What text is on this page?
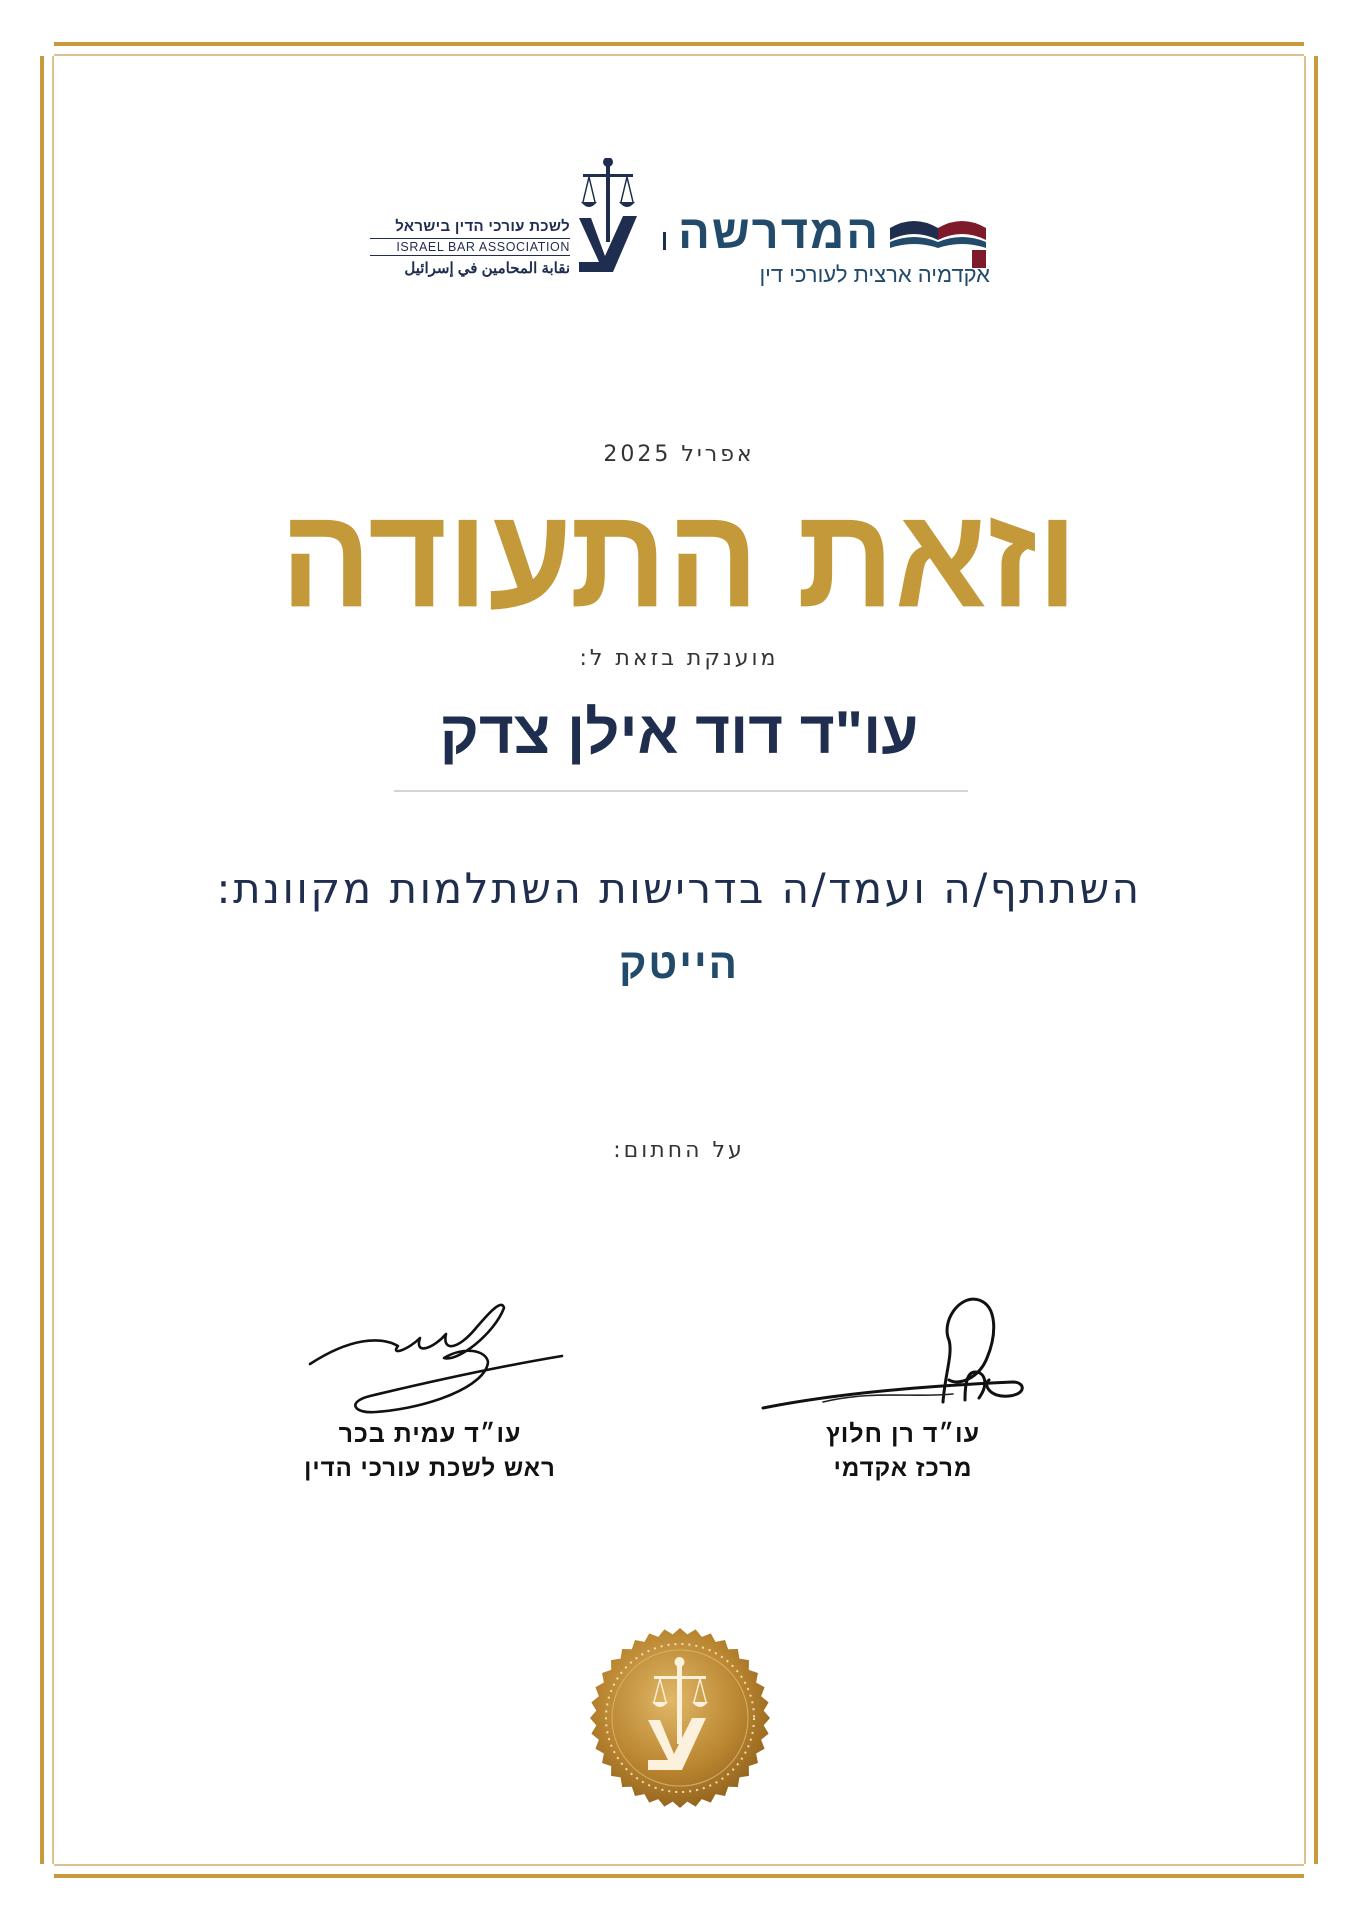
לשכת עורכי הדין בישראל
ISRAEL BAR ASSOCIATION
نقابة المحامين في إسرائيل
המדרשה
אקדמיה ארצית לעורכי דין
אפריל 2025
וזאת התעודה
מוענקת בזאת ל:
עו"ד דוד אילן צדק
השתתף/ה ועמד/ה בדרישות השתלמות מקוונת:
הייטק
על החתום:
עו״ד עמית בכר
ראש לשכת עורכי הדין
עו״ד רן חלוץ
מרכז אקדמי
